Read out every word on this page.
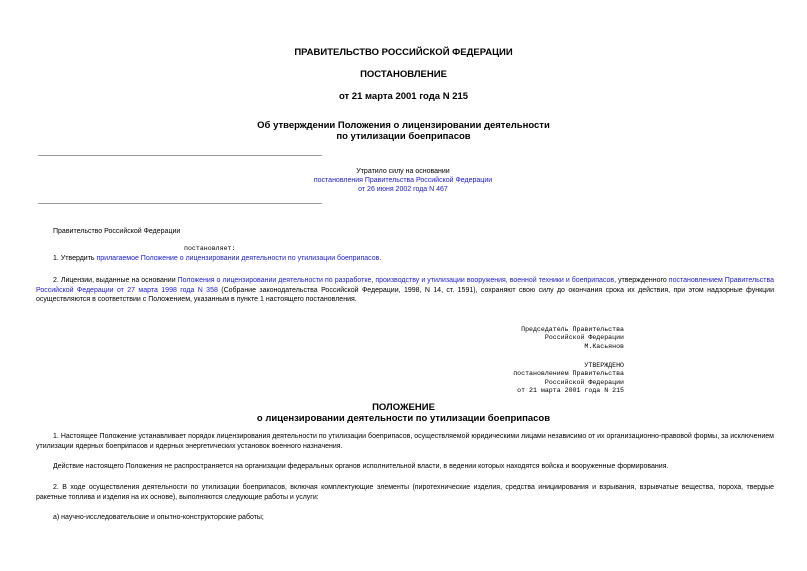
ПРАВИТЕЛЬСТВО РОССИЙСКОЙ ФЕДЕРАЦИИ
ПОСТАНОВЛЕНИЕ
от 21 марта 2001 года N 215
Об утверждении Положения о лицензировании деятельности
по утилизации боеприпасов
Утратило силу на основании
постановления Правительства Российской Федерации
от 26 июня 2002 года N 467
Правительство Российской Федерации
постановляет:
1. Утвердить прилагаемое Положение о лицензировании деятельности по утилизации боеприпасов.
2. Лицензии, выданные на основании Положения о лицензировании деятельности по разработке, производству и утилизации вооружения, военной техники и боеприпасов, утвержденного постановлением Правительства Российской Федерации от 27 марта 1998 года N 358 (Собрание законодательства Российской Федерации, 1998, N 14, ст. 1591), сохраняют свою силу до окончания срока их действия, при этом надзорные функции осуществляются в соответствии с Положением, указанным в пункте 1 настоящего постановления.
Председатель Правительства
Российской Федерации
М.Касьянов
УТВЕРЖДЕНО
постановлением Правительства
Российской Федерации
от 21 марта 2001 года N 215
ПОЛОЖЕНИЕ
о лицензировании деятельности по утилизации боеприпасов
1. Настоящее Положение устанавливает порядок лицензирования деятельности по утилизации боеприпасов, осуществляемой юридическими лицами независимо от их организационно-правовой формы, за исключением утилизации ядерных боеприпасов и ядерных энергетических установок военного назначения.
Действие настоящего Положения не распространяется на организации федеральных органов исполнительной власти, в ведении которых находятся войска и вооруженные формирования.
2. В ходе осуществления деятельности по утилизации боеприпасов, включая комплектующие элементы (пиротехнические изделия, средства инициирования и взрывания, взрывчатые вещества, пороха, твердые ракетные топлива и изделия на их основе), выполняются следующие работы и услуги:
а) научно-исследовательские и опытно-конструкторские работы;
